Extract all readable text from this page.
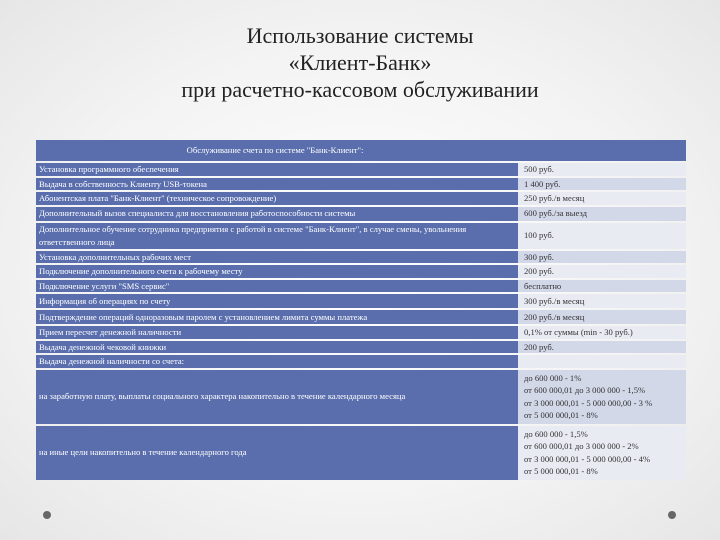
Использование системы
«Клиент-Банк»
при расчетно-кассовом обслуживании
Обслуживание счета по системе "Банк-Клиент":	
Установка программного обеспечения	500 руб.
Выдача в собственность Клиенту USB-токена	1 400 руб.
Абонентская плата "Банк-Клиент" (техническое сопровождение)	250 руб./в месяц
Дополнительный вызов специалиста для восстановления работоспособности системы	600 руб./за выезд
Дополнительное обучение сотрудника предприятия с работой в системе "Банк-Клиент", в случае смены, увольнения ответственного лица	100 руб.
Установка дополнительных рабочих мест	300 руб.
Подключение дополнительного счета к рабочему месту	200 руб.
Подключение услуги "SMS сервис"	бесплатно
Информация об операциях по счету	300 руб./в месяц
Подтверждение операций одноразовым паролем с установлением лимита суммы платежа	200 руб./в месяц
Прием пересчет денежной наличности	0,1% от суммы (min - 30 руб.)
Выдача денежной чековой книжки	200 руб.
Выдача денежной наличности со счета:	

на заработную плату, выплаты социального характера накопительно в течение календарного месяца	до 600 000 - 1%
от 600 000,01 до 3 000 000 - 1,5%
от 3 000 000,01 - 5 000 000,00 - 3 %
от 5 000 000,01 - 8%

на иные цели накопительно в течение календарного года	до 600 000 - 1,5%
от 600 000,01 до 3 000 000 - 2%
от 3 000 000,01 - 5 000 000,00 - 4%
от 5 000 000,01 - 8%
